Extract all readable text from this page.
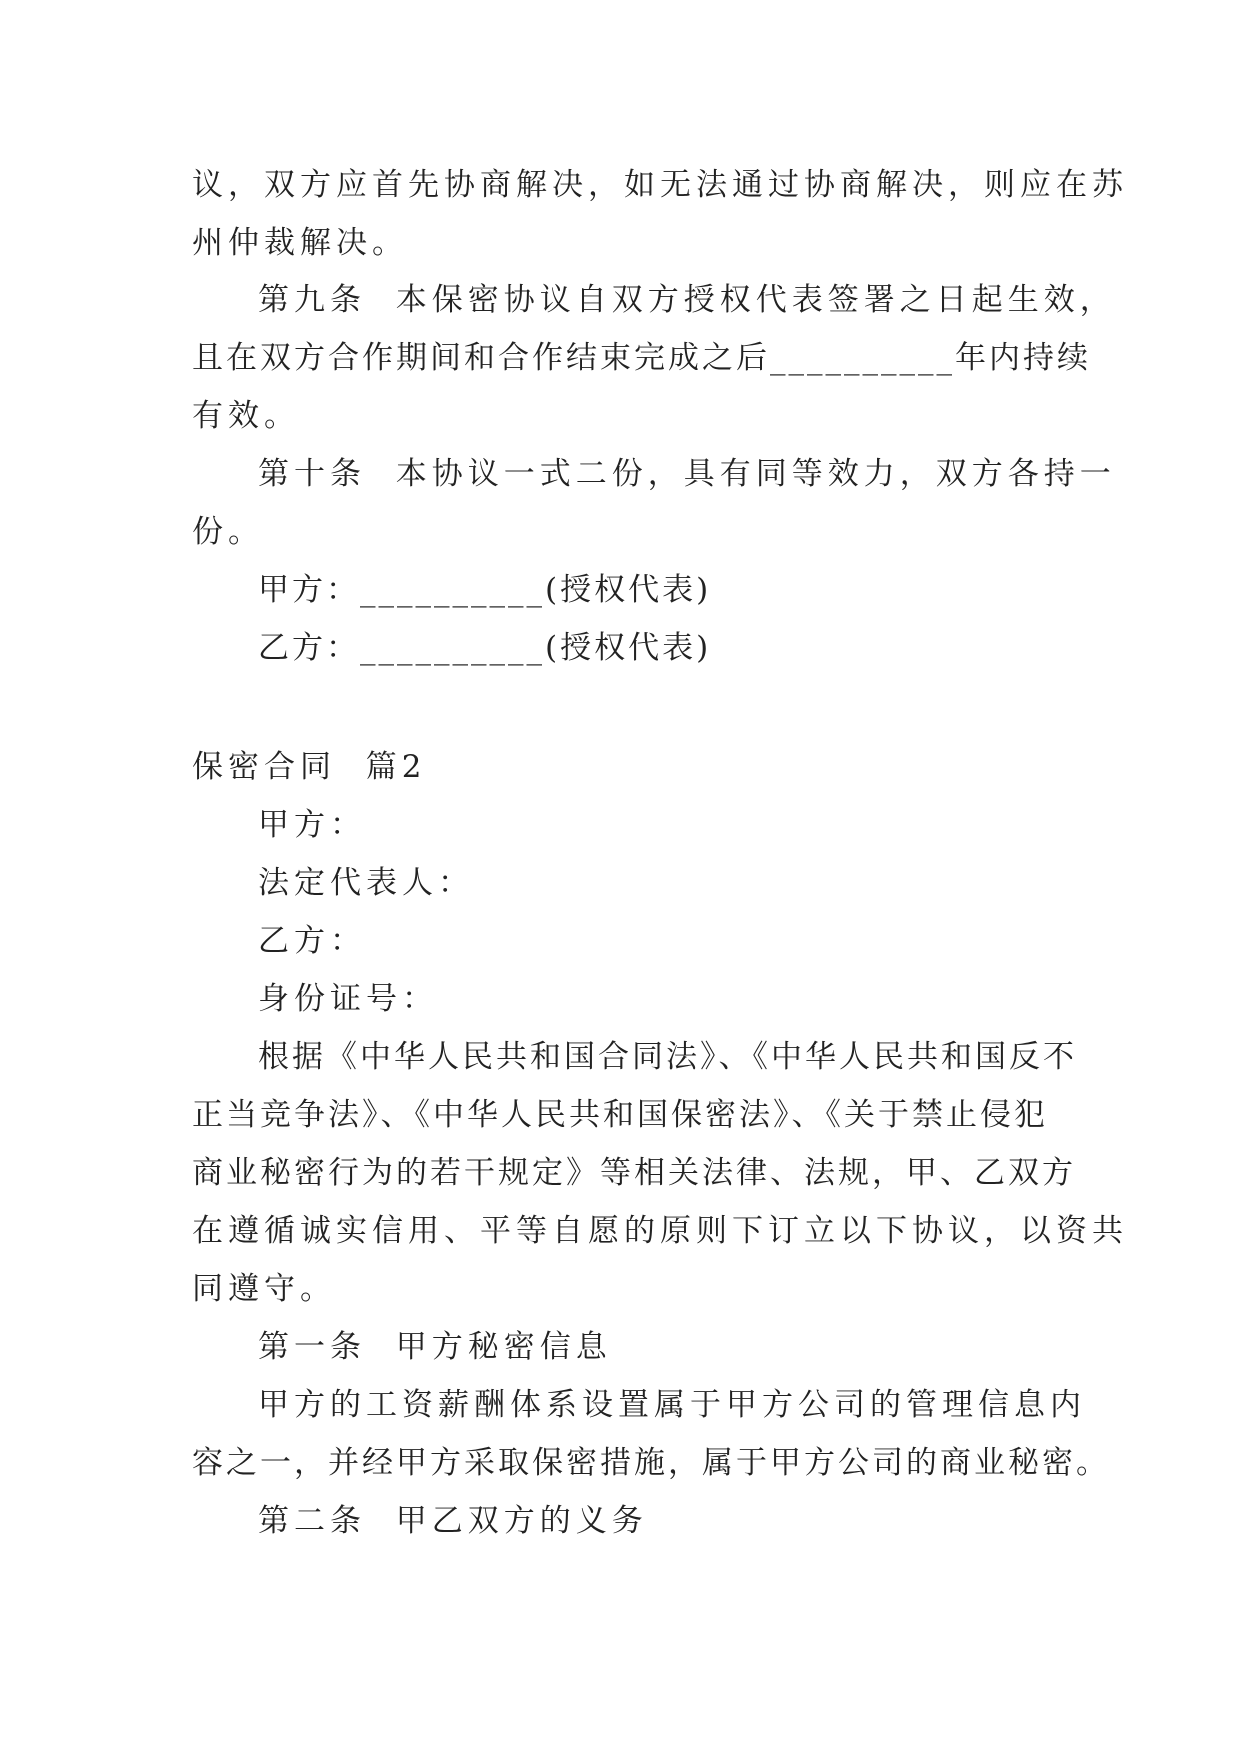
议，双方应首先协商解决，如无法通过协商解决，则应在苏
州仲裁解决。
第九条  本保密协议自双方授权代表签署之日起生效，
且在双方合作期间和合作结束完成之后__________年内持续
有效。
第十条  本协议一式二份，具有同等效力，双方各持一
份。
甲方：__________(授权代表)
乙方：__________(授权代表)
保密合同  篇2
甲方：
法定代表人：
乙方：
身份证号：
根据《中华人民共和国合同法》、《中华人民共和国反不
正当竞争法》、《中华人民共和国保密法》、《关于禁止侵犯
商业秘密行为的若干规定》等相关法律、法规，甲、乙双方
在遵循诚实信用、平等自愿的原则下订立以下协议，以资共
同遵守。
第一条  甲方秘密信息
甲方的工资薪酬体系设置属于甲方公司的管理信息内
容之一，并经甲方采取保密措施，属于甲方公司的商业秘密。
第二条  甲乙双方的义务
